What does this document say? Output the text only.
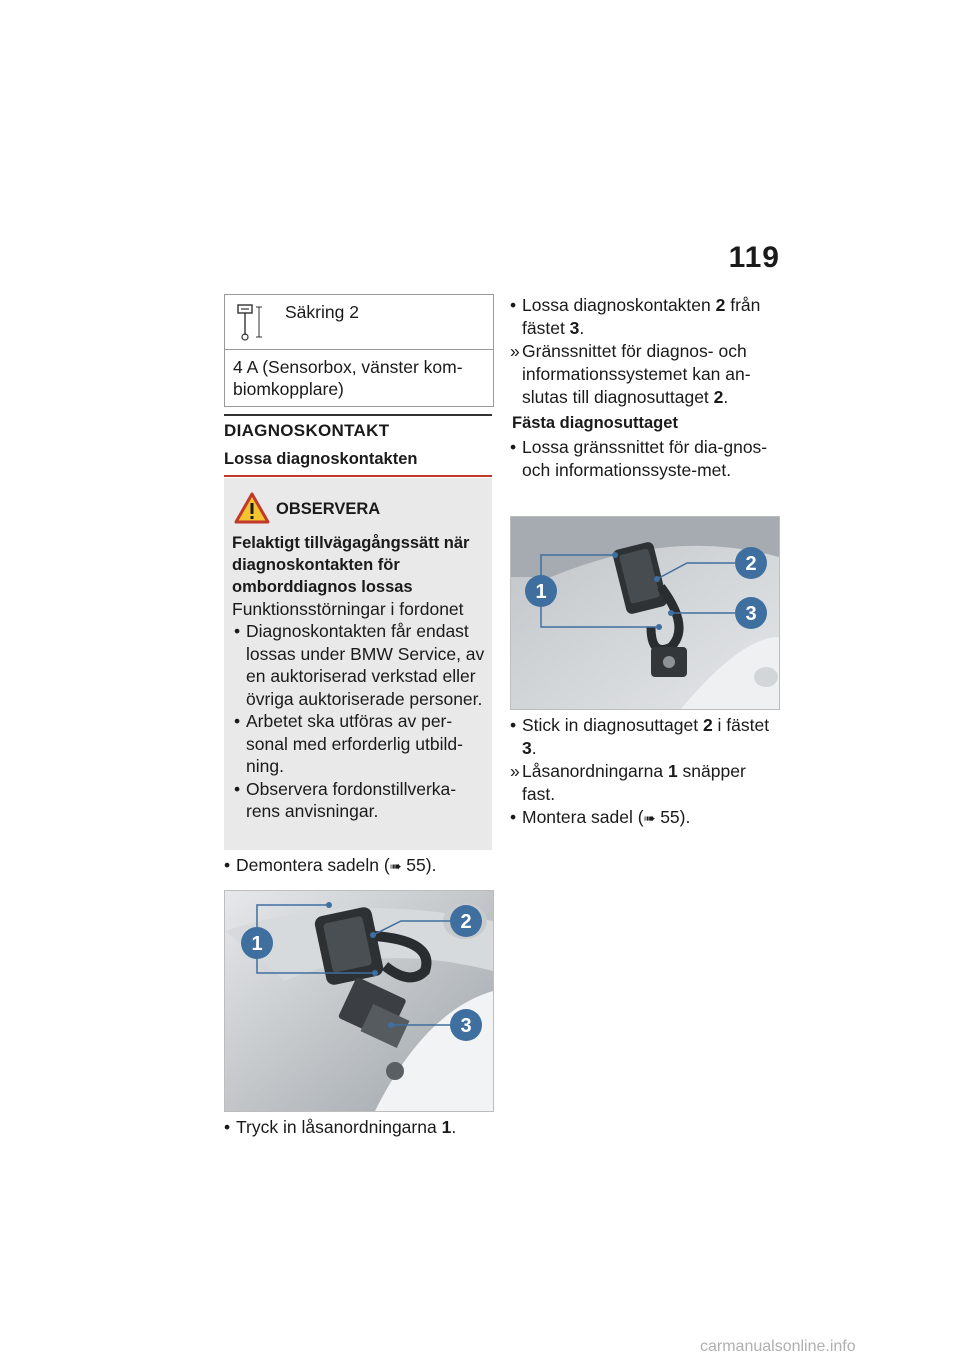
119
Säkring 2
4 A (Sensorbox, vänster kom-biomkopplare)
DIAGNOSKONTAKT
Lossa diagnoskontakten
OBSERVERA
Felaktigt tillvägagångssätt när diagnoskontakten för omborddiagnos lossas
Funktionsstörningar i fordonet
• Diagnoskontakten får endast lossas under BMW Service, av en auktoriserad verkstad eller övriga auktoriserade personer.
• Arbetet ska utföras av per-sonal med erforderlig utbild-ning.
• Observera fordonstillverka-rens anvisningar.
• Demontera sadeln (➠ 55).
1
2
3
• Tryck in låsanordningarna 1.
• Lossa diagnoskontakten 2 från fästet 3.
» Gränssnittet för diagnos- och informationssystemet kan an-slutas till diagnosuttaget 2.
Fästa diagnosuttaget
• Lossa gränssnittet för dia-gnos- och informationssyste-met.
1
2
3
• Stick in diagnosuttaget 2 i fästet 3.
» Låsanordningarna 1 snäpper fast.
• Montera sadel (➠ 55).
carmanualsonline.info
